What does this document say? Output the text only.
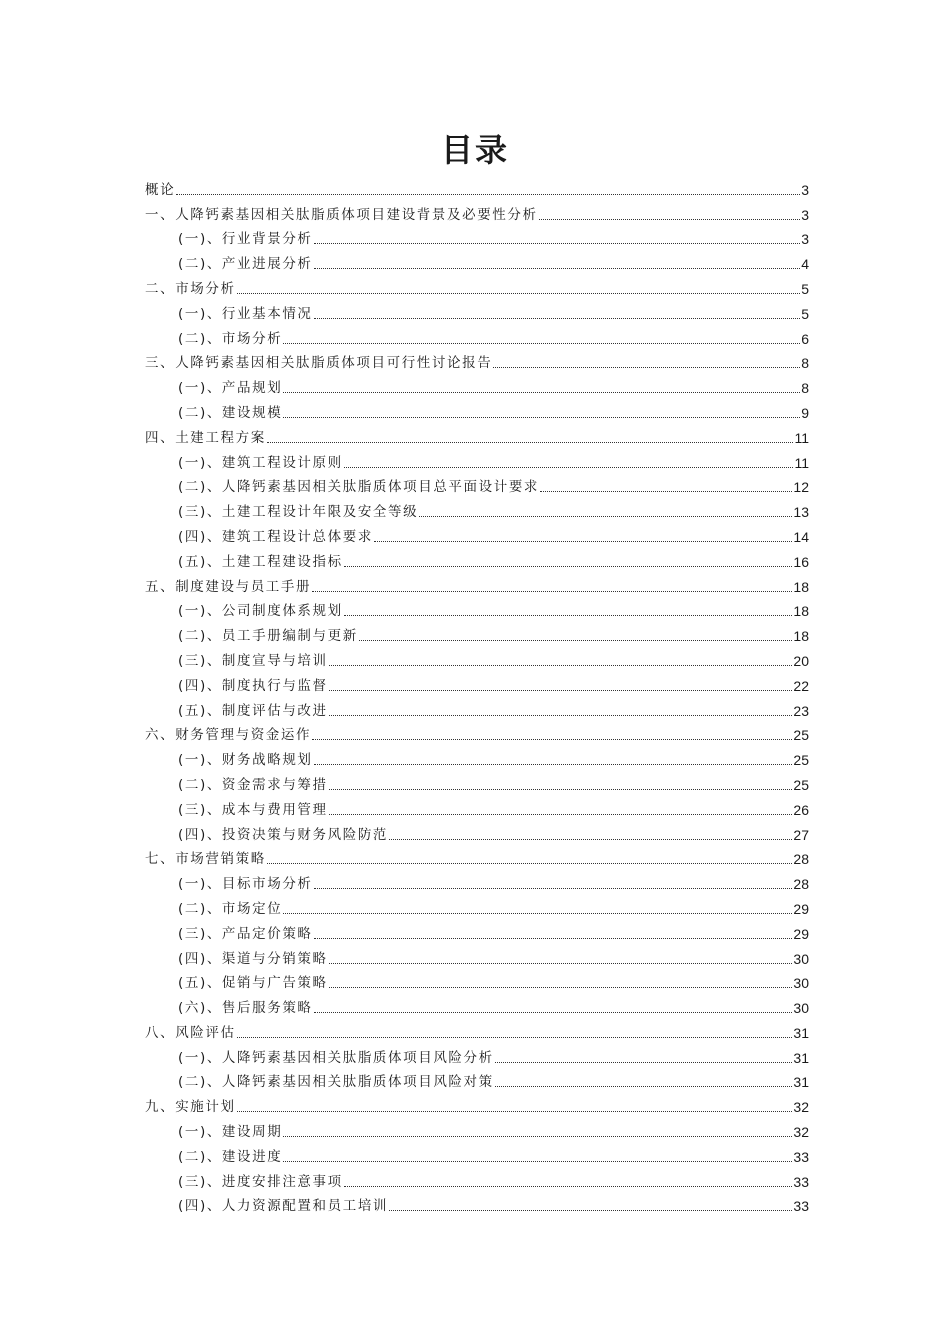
目录
概论	3
一、人降钙素基因相关肽脂质体项目建设背景及必要性分析	3
(一)、行业背景分析	3
(二)、产业进展分析	4
二、市场分析	5
(一)、行业基本情况	5
(二)、市场分析	6
三、人降钙素基因相关肽脂质体项目可行性讨论报告	8
(一)、产品规划	8
(二)、建设规模	9
四、土建工程方案	11
(一)、建筑工程设计原则	11
(二)、人降钙素基因相关肽脂质体项目总平面设计要求	12
(三)、土建工程设计年限及安全等级	13
(四)、建筑工程设计总体要求	14
(五)、土建工程建设指标	16
五、制度建设与员工手册	18
(一)、公司制度体系规划	18
(二)、员工手册编制与更新	18
(三)、制度宣导与培训	20
(四)、制度执行与监督	22
(五)、制度评估与改进	23
六、财务管理与资金运作	25
(一)、财务战略规划	25
(二)、资金需求与筹措	25
(三)、成本与费用管理	26
(四)、投资决策与财务风险防范	27
七、市场营销策略	28
(一)、目标市场分析	28
(二)、市场定位	29
(三)、产品定价策略	29
(四)、渠道与分销策略	30
(五)、促销与广告策略	30
(六)、售后服务策略	30
八、风险评估	31
(一)、人降钙素基因相关肽脂质体项目风险分析	31
(二)、人降钙素基因相关肽脂质体项目风险对策	31
九、实施计划	32
(一)、建设周期	32
(二)、建设进度	33
(三)、进度安排注意事项	33
(四)、人力资源配置和员工培训	33
